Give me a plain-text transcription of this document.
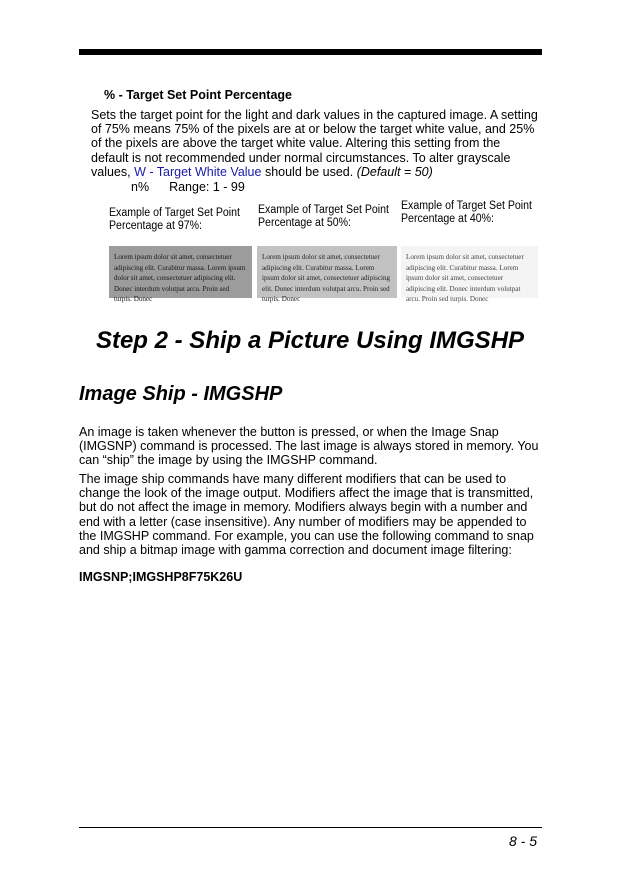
% - Target Set Point Percentage

Sets the target point for the light and dark values in the captured image. A setting of 75% means 75% of the pixels are at or below the target white value, and 25% of the pixels are above the target white value. Altering this setting from the default is not recommended under normal circumstances. To alter grayscale values, W - Target White Value should be used. (Default = 50)

n% Range: 1 - 99
Example of Target Set Point Percentage at 97%:
Example of Target Set Point Percentage at 50%:
Example of Target Set Point Percentage at 40%:
Lorem ipsum dolor sit amet, consectetuer adipiscing elit. Curabitur massa. Lorem ipsum dolor sit amet, consectetuer adipiscing elit. Donec interdum volutpat arcu. Proin sed turpis. Donec
Lorem ipsum dolor sit amet, consectetuer adipiscing elit. Curabitur massa. Lorem ipsum dolor sit amet, consectetuer adipiscing elit. Donec interdum volutpat arcu. Proin sed turpis. Donec
Lorem ipsum dolor sit amet, consectetuer adipiscing elit. Curabitur massa. Lorem ipsum dolor sit amet, consectetuer adipiscing elit. Donec interdum volutpat arcu. Proin sed turpis. Donec
Step 2 - Ship a Picture Using IMGSHP
Image Ship - IMGSHP

An image is taken whenever the button is pressed, or when the Image Snap (IMGSNP) command is processed. The last image is always stored in memory. You can “ship” the image by using the IMGSHP command.

The image ship commands have many different modifiers that can be used to change the look of the image output. Modifiers affect the image that is transmitted, but do not affect the image in memory. Modifiers always begin with a number and end with a letter (case insensitive). Any number of modifiers may be appended to the IMGSHP command. For example, you can use the following command to snap and ship a bitmap image with gamma correction and document image filtering:

IMGSNP;IMGSHP8F75K26U
8 - 5
